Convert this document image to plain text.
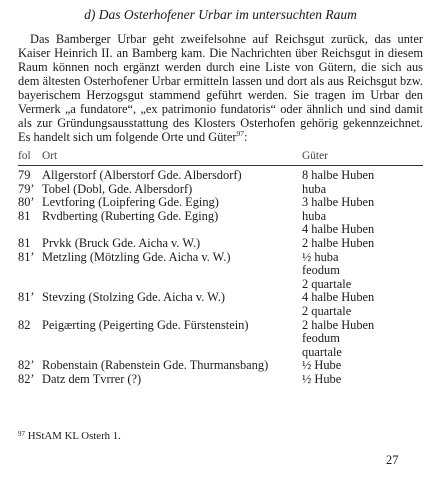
d) Das Osterhofener Urbar im untersuchten Raum

Das Bamberger Urbar geht zweifelsohne auf Reichsgut zurück, das unter Kaiser Heinrich II. an Bamberg kam. Die Nachrichten über Reichsgut in diesem Raum können noch ergänzt werden durch eine Liste von Gütern, die sich aus dem ältesten Osterhofener Urbar ermitteln lassen und dort als aus Reichsgut bzw. bayerischem Herzogsgut stammend geführt werden. Sie tragen im Urbar den Vermerk „a fundatore“, „ex patrimonio fundatoris“ oder ähnlich und sind damit als zur Gründungsausstattung des Klosters Osterhofen gehörig gekennzeichnet. Es handelt sich um folgende Orte und Güter$^{97}$:

fol Ort	Güter
79 Allgerstorf (Alberstorf Gde. Albersdorf)	8 halbe Huben
79’ Tobel (Dobl, Gde. Albersdorf)	huba
80’ Levtforing (Loipfering Gde. Eging)	3 halbe Huben
81 Rvdberting (Ruberting Gde. Eging)	huba
4 halbe Huben
81 Prvkk (Bruck Gde. Aicha v. W.)	2 halbe Huben
81’ Metzling (Mötzling Gde. Aicha v. W.)	½ huba
feodum
2 quartale
81’ Stevzing (Stolzing Gde. Aicha v. W.)	4 halbe Huben
2 quartale
82 Peigærting (Peigerting Gde. Fürstenstein)	2 halbe Huben
feodum
quartale
82’ Robenstain (Rabenstein Gde. Thurmansbang)	½ Hube
82’ Datz dem Tvrrer (?)	½ Hube
$^{97}$ HStAM KL Osterh 1.
27
